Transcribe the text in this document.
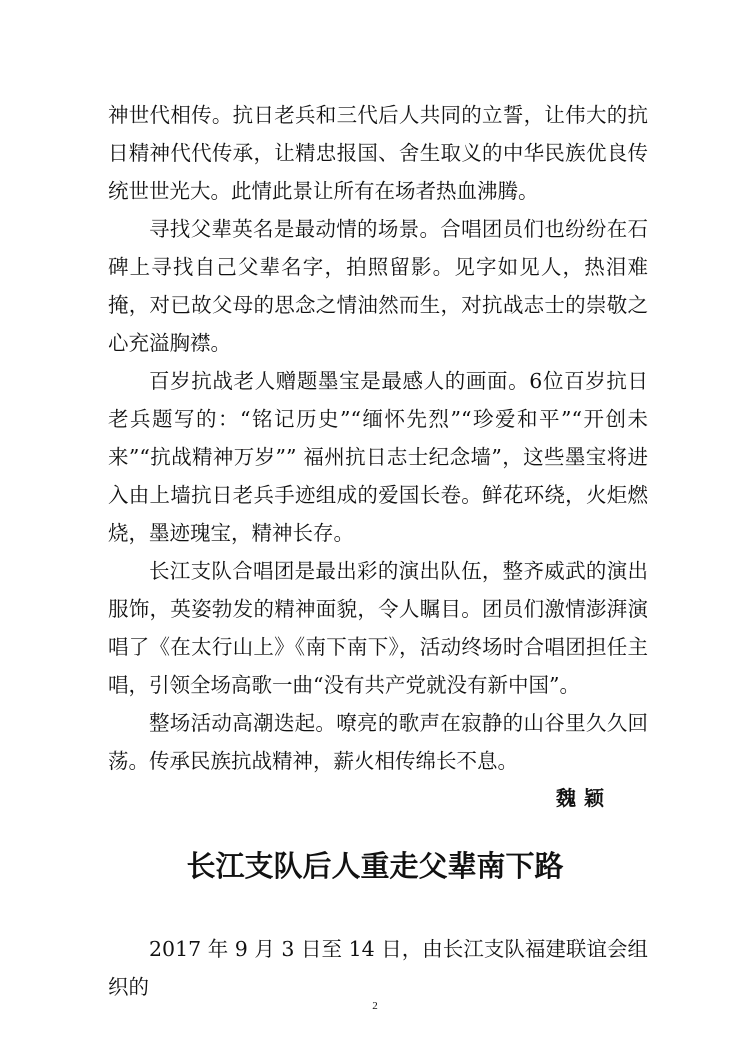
神世代相传。抗日老兵和三代后人共同的立誓，让伟大的抗日精神代代传承，让精忠报国、舍生取义的中华民族优良传统世世光大。此情此景让所有在场者热血沸腾。

寻找父辈英名是最动情的场景。合唱团员们也纷纷在石碑上寻找自己父辈名字，拍照留影。见字如见人，热泪难掩，对已故父母的思念之情油然而生，对抗战志士的崇敬之心充溢胸襟。

百岁抗战老人赠题墨宝是最感人的画面。6位百岁抗日老兵题写的：“铭记历史”“缅怀先烈”“珍爱和平”“开创未来”“抗战精神万岁”” 福州抗日志士纪念墙”，这些墨宝将进入由上墙抗日老兵手迹组成的爱国长卷。鲜花环绕，火炬燃烧，墨迹瑰宝，精神长存。

长江支队合唱团是最出彩的演出队伍，整齐威武的演出服饰，英姿勃发的精神面貌，令人瞩目。团员们激情澎湃演唱了《在太行山上》《南下南下》，活动终场时合唱团担任主唱，引领全场高歌一曲“没有共产党就没有新中国”。

整场活动高潮迭起。嘹亮的歌声在寂静的山谷里久久回荡。传承民族抗战精神，薪火相传绵长不息。

魏颖

长江支队后人重走父辈南下路

2017 年 9 月 3 日至 14 日，由长江支队福建联谊会组织的

2
